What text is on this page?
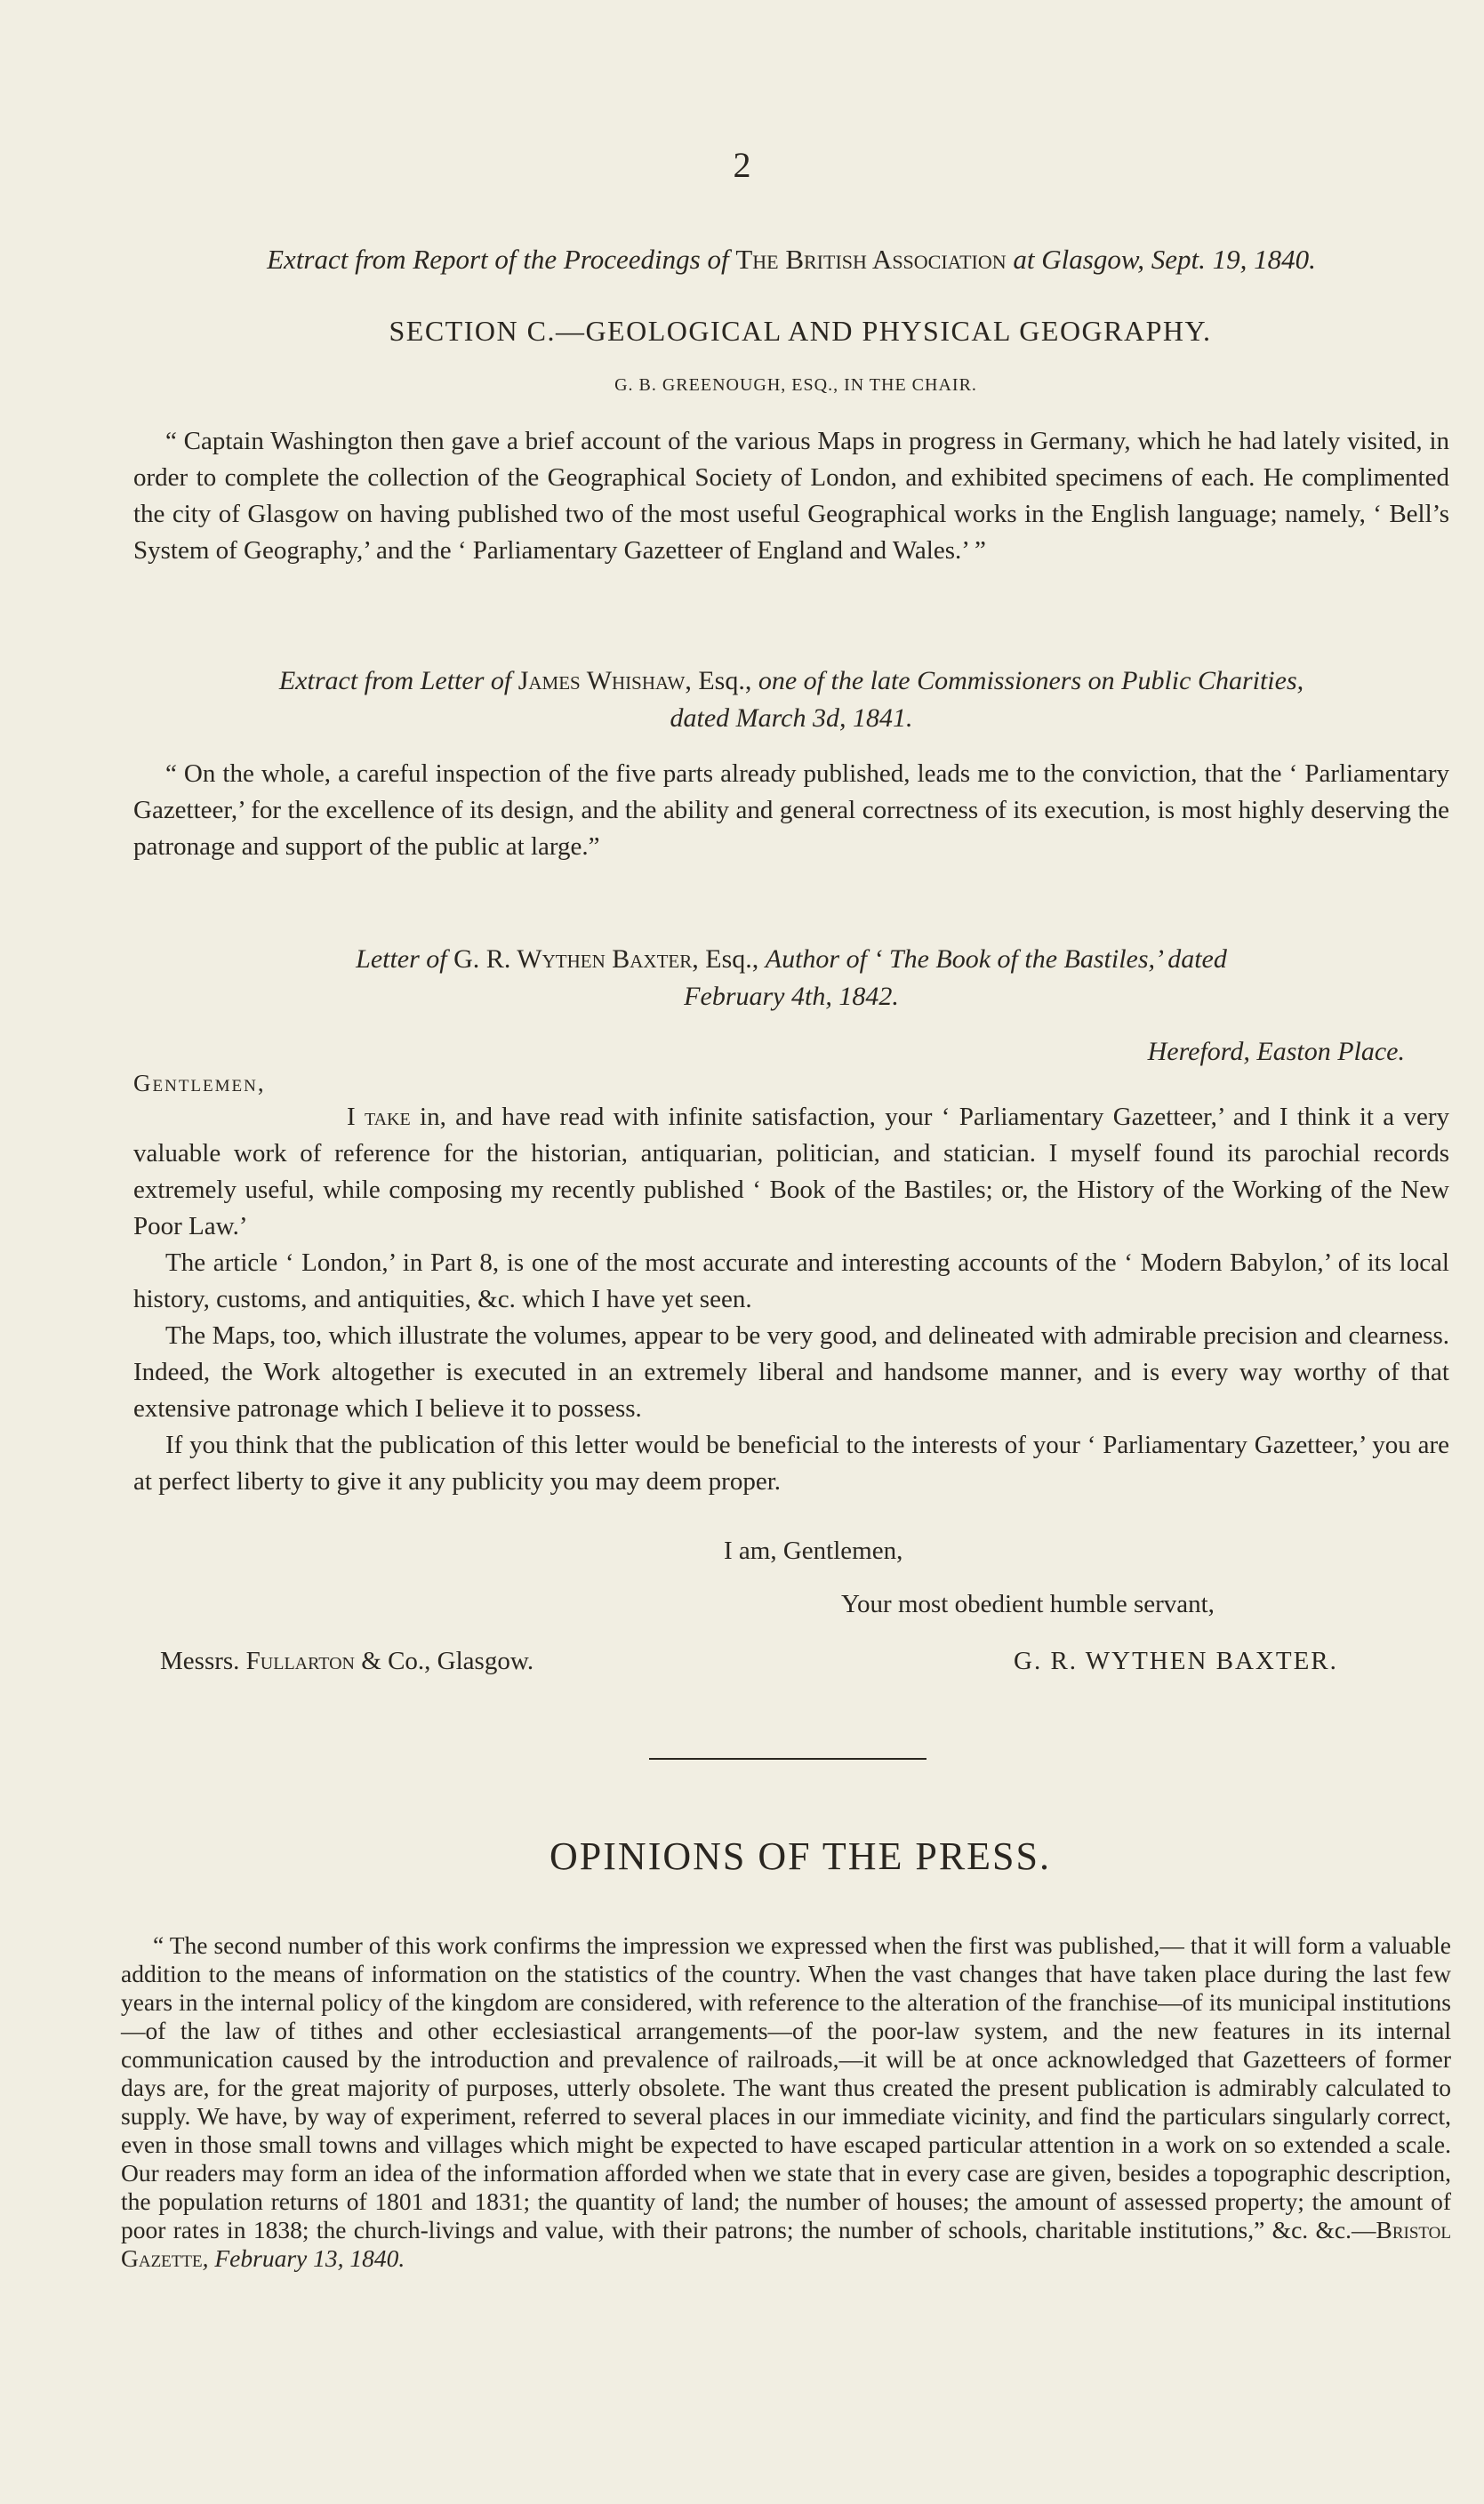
2
Extract from Report of the Proceedings of The British Association at Glasgow, Sept. 19, 1840.
SECTION C.—GEOLOGICAL AND PHYSICAL GEOGRAPHY.
G. B. GREENOUGH, ESQ., IN THE CHAIR.

“ Captain Washington then gave a brief account of the various Maps in progress in Germany, which he had lately visited, in order to complete the collection of the Geographical Society of London, and exhibited specimens of each. He complimented the city of Glasgow on having published two of the most useful Geographical works in the English language; namely, ‘ Bell’s System of Geography,’ and the ‘ Parliamentary Gazetteer of England and Wales.’ ”

Extract from Letter of James Whishaw, Esq., one of the late Commissioners on Public Charities,
dated March 3d, 1841.

“ On the whole, a careful inspection of the five parts already published, leads me to the conviction, that the ‘ Parliamentary Gazetteer,’ for the excellence of its design, and the ability and general correctness of its execution, is most highly deserving the patronage and support of the public at large.”

Letter of G. R. Wythen Baxter, Esq., Author of ‘ The Book of the Bastiles,’ dated
February 4th, 1842.
Hereford, Easton Place.
Gentlemen,

I take in, and have read with infinite satisfaction, your ‘ Parliamentary Gazetteer,’ and I think it a very valuable work of reference for the historian, antiquarian, politician, and statician. I myself found its parochial records extremely useful, while composing my recently published ‘ Book of the Bastiles; or, the History of the Working of the New Poor Law.’

The article ‘ London,’ in Part 8, is one of the most accurate and interesting accounts of the ‘ Modern Babylon,’ of its local history, customs, and antiquities, &c. which I have yet seen.

The Maps, too, which illustrate the volumes, appear to be very good, and delineated with admirable precision and clearness. Indeed, the Work altogether is executed in an extremely liberal and handsome manner, and is every way worthy of that extensive patronage which I believe it to possess.

If you think that the publication of this letter would be beneficial to the interests of your ‘ Parliamentary Gazetteer,’ you are at perfect liberty to give it any publicity you may deem proper.

I am, Gentlemen,
Your most obedient humble servant,
Messrs. Fullarton & Co., Glasgow.	G. R. WYTHEN BAXTER.
OPINIONS OF THE PRESS.

“ The second number of this work confirms the impression we expressed when the first was published,— that it will form a valuable addition to the means of information on the statistics of the country. When the vast changes that have taken place during the last few years in the internal policy of the kingdom are considered, with reference to the alteration of the franchise—of its municipal institutions—of the law of tithes and other ecclesiastical arrangements—of the poor-law system, and the new features in its internal communication caused by the introduction and prevalence of railroads,—it will be at once acknowledged that Gazetteers of former days are, for the great majority of purposes, utterly obsolete. The want thus created the present publication is admirably calculated to supply. We have, by way of experiment, referred to several places in our immediate vicinity, and find the particulars singularly correct, even in those small towns and villages which might be expected to have escaped particular attention in a work on so extended a scale. Our readers may form an idea of the information afforded when we state that in every case are given, besides a topographic description, the population returns of 1801 and 1831; the quantity of land; the number of houses; the amount of assessed property; the amount of poor rates in 1838; the church-livings and value, with their patrons; the number of schools, charitable institutions,” &c. &c.—Bristol Gazette, February 13, 1840.
